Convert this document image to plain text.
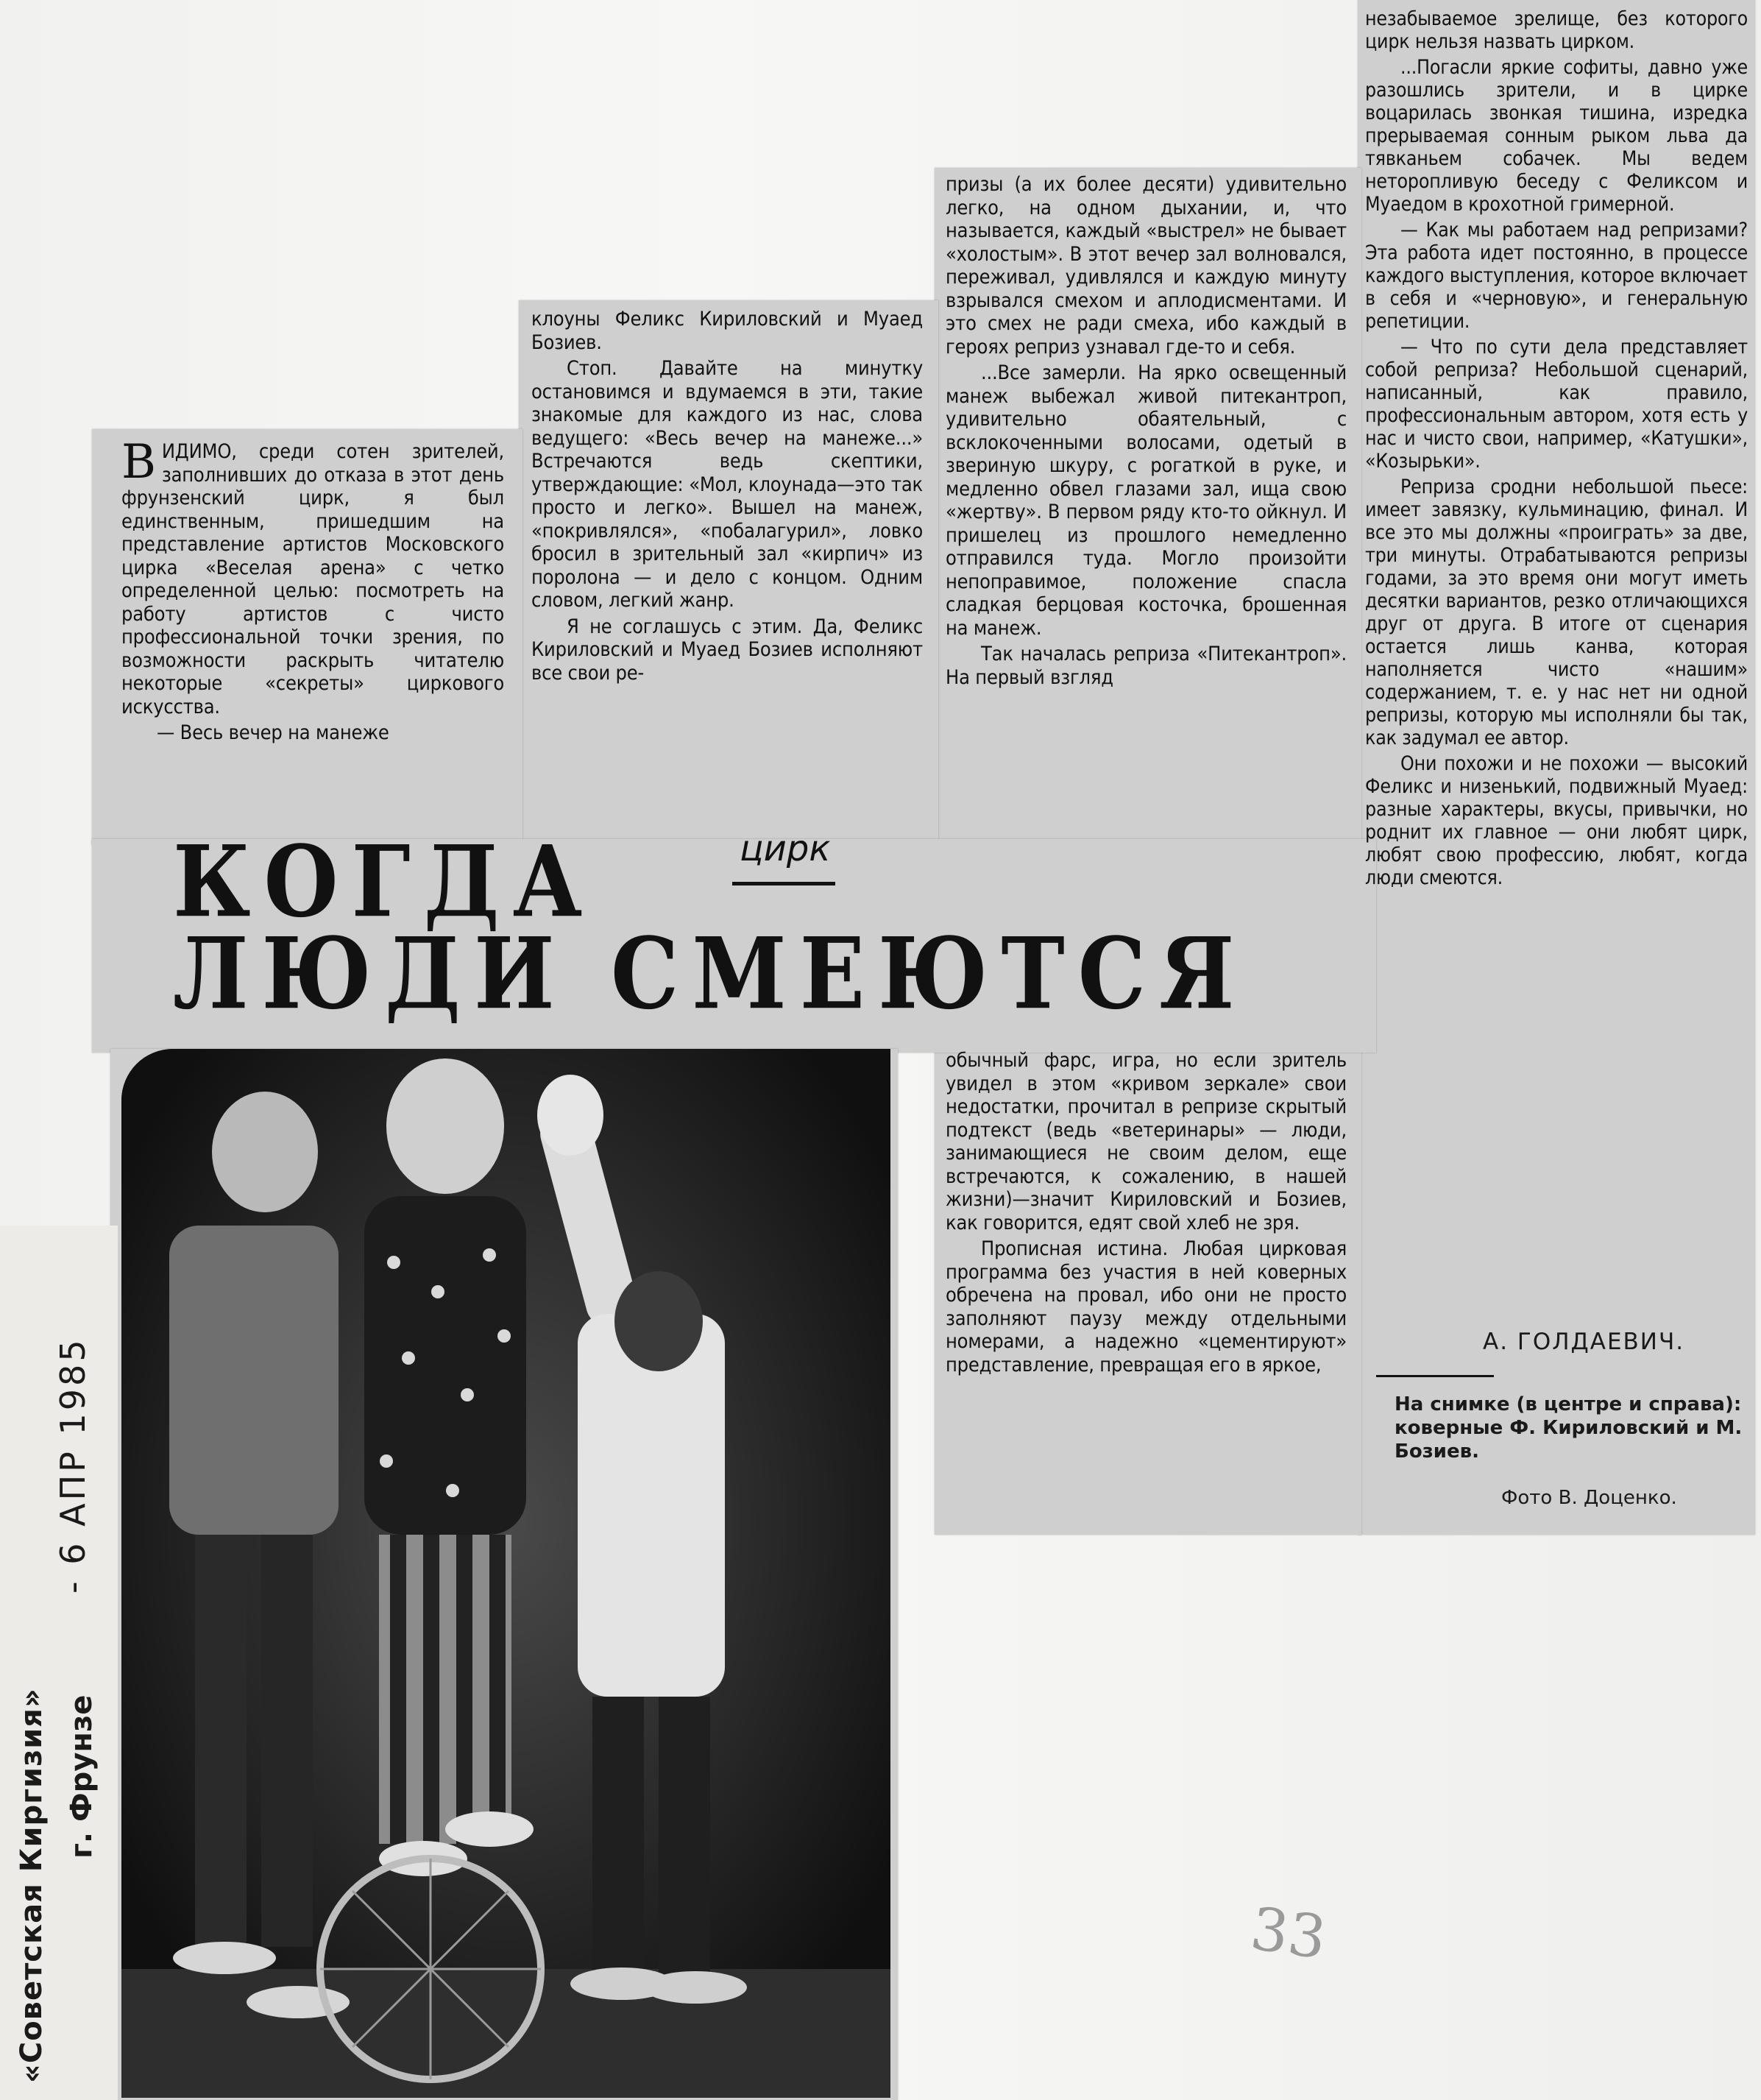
В ИДИМО, среди сотен зрителей, заполнивших до отказа в этот день фрунзенский цирк, я был единственным, пришедшим на представление артистов Московского цирка «Веселая арена» с четко определенной целью: посмотреть на работу артистов с чисто профессиональной точки зрения, по возможности раскрыть читателю некоторые «секреты» циркового искусства.

— Весь вечер на манеже

клоуны Феликс Кириловский и Муаед Бозиев.

Стоп. Давайте на минутку остановимся и вдумаемся в эти, такие знакомые для каждого из нас, слова ведущего: «Весь вечер на манеже...» Встречаются ведь скептики, утверждающие: «Мол, клоунада—это так просто и легко». Вышел на манеж, «покривлялся», «побалагурил», ловко бросил в зрительный зал «кирпич» из поролона — и дело с концом. Одним словом, легкий жанр.

Я не соглашусь с этим. Да, Феликс Кириловский и Муаед Бозиев исполняют все свои ре-

призы (а их более десяти) удивительно легко, на одном дыхании, и, что называется, каждый «выстрел» не бывает «холостым». В этот вечер зал волновался, переживал, удивлялся и каждую минуту взрывался смехом и аплодисментами. И это смех не ради смеха, ибо каждый в героях реприз узнавал где-то и себя.

...Все замерли. На ярко освещенный манеж выбежал живой питекантроп, удивительно обаятельный, с всклокоченными волосами, одетый в звериную шкуру, с рогаткой в руке, и медленно обвел глазами зал, ища свою «жертву». В первом ряду кто-то ойкнул. И пришелец из прошлого немедленно отправился туда. Могло произойти непоправимое, положение спасла сладкая берцовая косточка, брошенная на манеж.

Так началась реприза «Питекантроп». На первый взгляд

КОГДА	цирк
ЛЮДИ СМЕЮТСЯ

обычный фарс, игра, но если зритель увидел в этом «кривом зеркале» свои недостатки, прочитал в репризе скрытый подтекст (ведь «ветеринары» — люди, занимающиеся не своим делом, еще встречаются, к сожалению, в нашей жизни)—значит Кириловский и Бозиев, как говорится, едят свой хлеб не зря.

Прописная истина. Любая цирковая программа без участия в ней коверных обречена на провал, ибо они не просто заполняют паузу между отдельными номерами, а надежно «цементируют» представление, превращая его в яркое,

незабываемое зрелище, без которого цирк нельзя назвать цирком.

...Погасли яркие софиты, давно уже разошлись зрители, и в цирке воцарилась звонкая тишина, изредка прерываемая сонным рыком льва да тявканьем собачек. Мы ведем неторопливую беседу с Феликсом и Муаедом в крохотной гримерной.

— Как мы работаем над репризами? Эта работа идет постоянно, в процессе каждого выступления, которое включает в себя и «черновую», и генеральную репетиции.

— Что по сути дела представляет собой реприза? Небольшой сценарий, написанный, как правило, профессиональным автором, хотя есть у нас и чисто свои, например, «Катушки», «Козырьки».

Реприза сродни небольшой пьесе: имеет завязку, кульминацию, финал. И все это мы должны «проиграть» за две, три минуты. Отрабатываются репризы годами, за это время они могут иметь десятки вариантов, резко отличающихся друг от друга. В итоге от сценария остается лишь канва, которая наполняется чисто «нашим» содержанием, т. е. у нас нет ни одной репризы, которую мы исполняли бы так, как задумал ее автор.

Они похожи и не похожи — высокий Феликс и низенький, подвижный Муаед: разные характеры, вкусы, привычки, но роднит их главное — они любят цирк, любят свою профессию, любят, когда люди смеются.

А. ГОЛДАЕВИЧ.
На снимке (в центре и справа): коверные Ф. Кириловский и М. Бозиев.
Фото В. Доценко.
«Советская Киргизия» г. Фрунзе
- 6 АПР 1985
33
